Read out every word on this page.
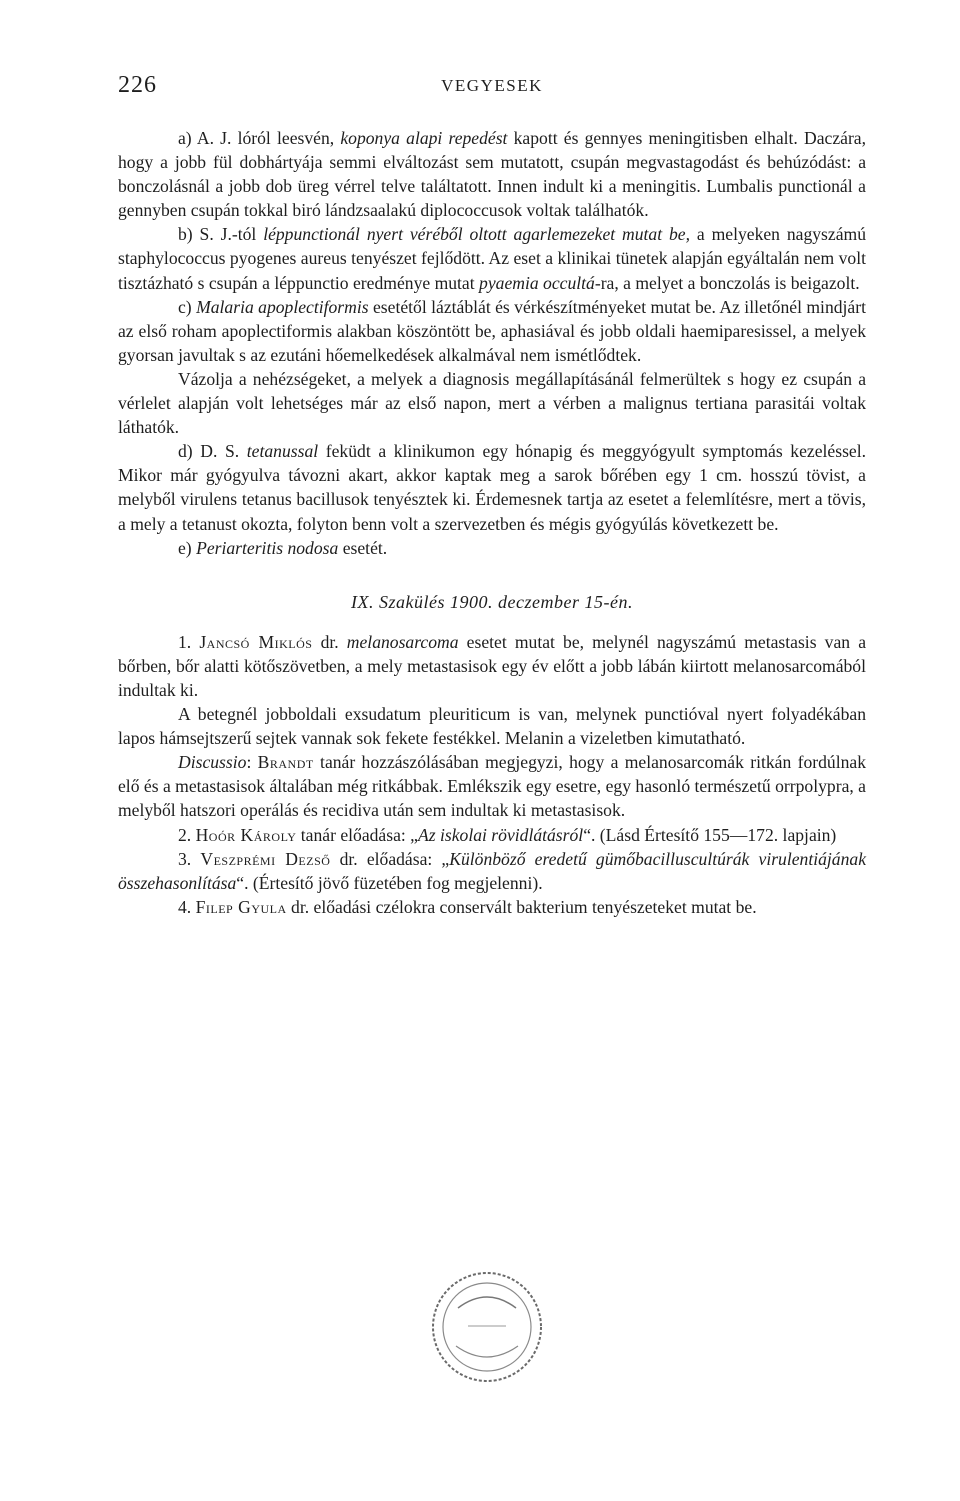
226	VEGYESEK

a) A. J. lóról leesvén, koponya alapi repedést kapott és gennyes meningitisben elhalt. Daczára, hogy a jobb fül dobhártyája semmi elváltozást sem mutatott, csupán megvastagodást és behúzódást: a bonczolásnál a jobb dob üreg vérrel telve találtatott. Innen indult ki a meningitis. Lumbalis punctionál a gennyben csupán tokkal biró lándzsaalakú diplococcusok voltak találhatók.

b) S. J.-tól léppunctionál nyert véréből oltott agarlemezeket mutat be, a melyeken nagyszámú staphylococcus pyogenes aureus tenyészet fejlődött. Az eset a klinikai tünetek alapján egyáltalán nem volt tisztázható s csupán a léppunctio eredménye mutat pyaemia occultá-ra, a melyet a bonczolás is beigazolt.

c) Malaria apoplectiformis esetétől láztáblát és vérkészítményeket mutat be. Az illetőnél mindjárt az első roham apoplectiformis alakban köszöntött be, aphasiával és jobb oldali haemiparesissel, a melyek gyorsan javultak s az ezutáni hőemelkedések alkalmával nem ismétlődtek.

Vázolja a nehézségeket, a melyek a diagnosis megállapításánál felmerültek s hogy ez csupán a vérlelet alapján volt lehetséges már az első napon, mert a vérben a malignus tertiana parasitái voltak láthatók.

d) D. S. tetanussal feküdt a klinikumon egy hónapig és meggyógyult symptomás kezeléssel. Mikor már gyógyulva távozni akart, akkor kaptak meg a sarok bőrében egy 1 cm. hosszú tövist, a melyből virulens tetanus bacillusok tenyésztek ki. Érdemesnek tartja az esetet a felemlítésre, mert a tövis, a mely a tetanust okozta, folyton benn volt a szervezetben és mégis gyógyúlás következett be.

e) Periarteritis nodosa esetét.

IX. Szakülés 1900. deczember 15-én.

1. Jancsó Miklós dr. melanosarcoma esetet mutat be, melynél nagyszámú metastasis van a bőrben, bőr alatti kötőszövetben, a mely metastasisok egy év előtt a jobb lábán kiirtott melanosarcomából indultak ki.

A betegnél jobboldali exsudatum pleuriticum is van, melynek punctióval nyert folyadékában lapos hámsejtszerű sejtek vannak sok fekete festékkel. Melanin a vizeletben kimutatható.

Discussio: Brandt tanár hozzászólásában megjegyzi, hogy a melanosarcomák ritkán fordúlnak elő és a metastasisok általában még ritkábbak. Emlékszik egy esetre, egy hasonló természetű orrpolypra, a melyből hatszori operálás és recidiva után sem indultak ki metastasisok.

2. Hoór Károly tanár előadása: „Az iskolai rövidlátásról“. (Lásd Értesítő 155—172. lapjain)

3. Veszprémi Dezső dr. előadása: „Különböző eredetű gümőbacilluscultúrák virulentiájának összehasonlítása“. (Értesítő jövő füzetében fog megjelenni).

4. Filep Gyula dr. előadási czélokra conservált bakterium tenyészeteket mutat be.
